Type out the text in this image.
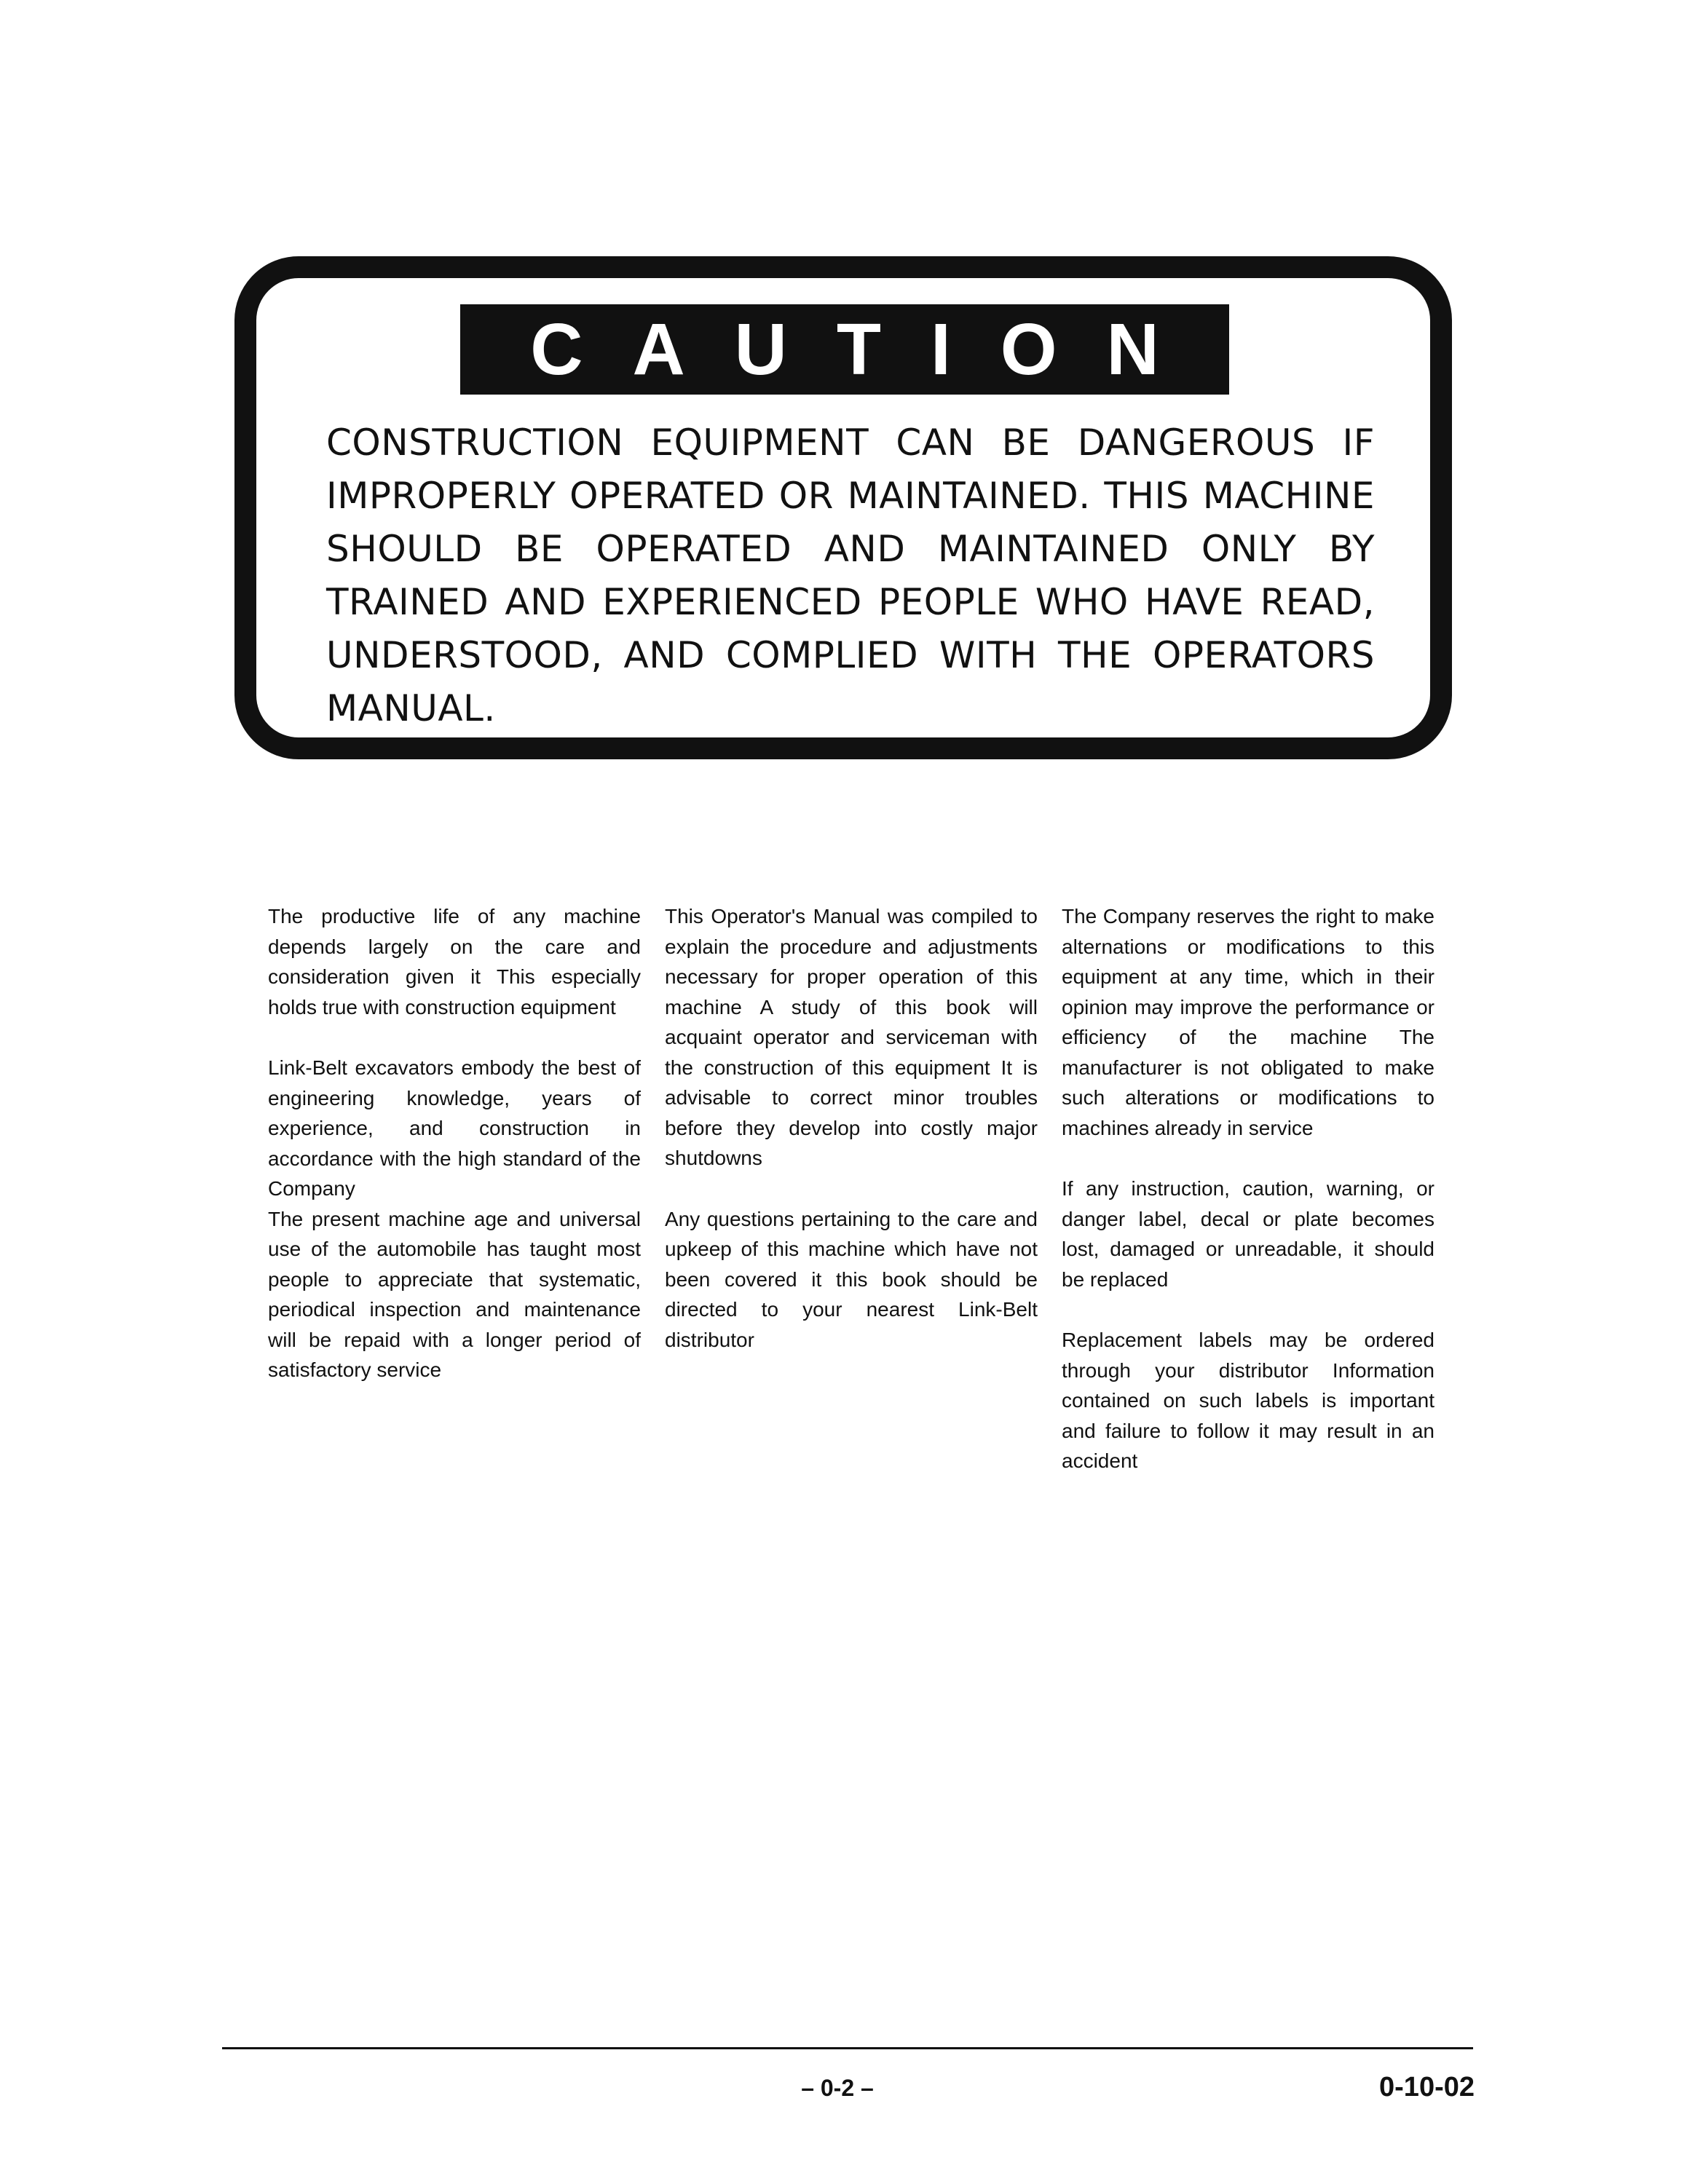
CAUTION

CONSTRUCTION EQUIPMENT CAN BE DANGEROUS IF IMPROPERLY OPERATED OR MAINTAINED. THIS MACHINE SHOULD BE OPERATED AND MAINTAINED ONLY BY TRAINED AND EXPERIENCED PEOPLE WHO HAVE READ, UNDERSTOOD, AND COMPLIED WITH THE OPERATORS MANUAL.

The productive life of any machine depends largely on the care and consideration given it This especially holds true with construction equipment

Link-Belt excavators embody the best of engineering knowledge, years of experience, and construction in accordance with the high standard of the Company

The present machine age and universal use of the automobile has taught most people to appreciate that systematic, periodical inspection and maintenance will be repaid with a longer period of satisfactory service

This Operator's Manual was compiled to explain the procedure and adjustments necessary for proper operation of this machine A study of this book will acquaint operator and serviceman with the construction of this equipment It is advisable to correct minor troubles before they develop into costly major shutdowns

Any questions pertaining to the care and upkeep of this machine which have not been covered it this book should be directed to your nearest Link-Belt distributor

The Company reserves the right to make alternations or modifications to this equipment at any time, which in their opinion may improve the performance or efficiency of the machine The manufacturer is not obligated to make such alterations or modifications to machines already in service

If any instruction, caution, warning, or danger label, decal or plate becomes lost, damaged or unreadable, it should be replaced

Replacement labels may be ordered through your distributor Information contained on such labels is important and failure to follow it may result in an accident

– 0-2 –	0-10-02
